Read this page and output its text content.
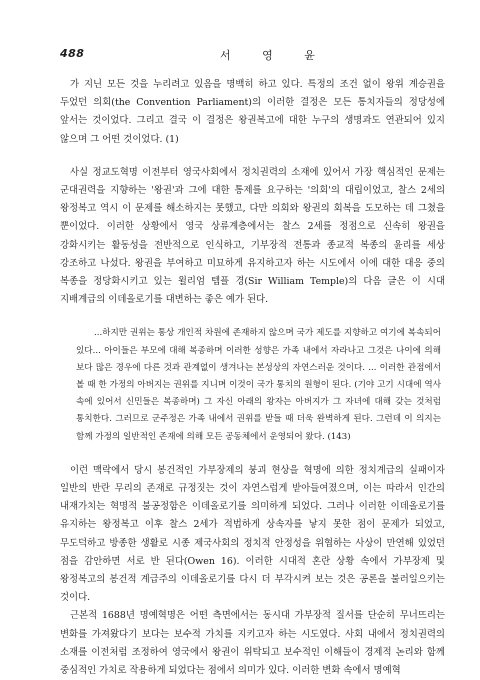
488	서 영 윤

가 지닌 모든 것을 누리려고 있음을 명백히 하고 있다. 특정의 조건 없이 왕위 계승권을 두었던 의회(the Convention Parliament)의 이러한 결정은 모든 통치자들의 정당성에 앞서는 것이었다. 그리고 결국 이 결정은 왕권복고에 대한 누구의 생명과도 연관되어 있지 않으며 그 어떤 것이었다. (1)

사실 정교도혁명 이전부터 영국사회에서 정치권력의 소재에 있어서 가장 핵심적인 문제는 군대권력을 지향하는 '왕권'과 그에 대한 통제를 요구하는 '의회'의 대립이었고, 찰스 2세의 왕정복고 역시 이 문제를 해소하지는 못했고, 다만 의회와 왕권의 회복을 도모하는 데 그쳤을 뿐이었다. 이러한 상황에서 영국 상류계층에서는 찰스 2세를 정점으로 신속히 왕권을 강화시키는 활동성을 전반적으로 인식하고, 기부장적 전통과 종교적 복종의 윤리를 세상 강조하고 나섰다. 왕권을 부여하고 미묘하게 유지하고자 하는 시도에서 이에 대한 대응 중의 복종을 정당화시키고 있는 윌리엄 템플 경(Sir William Temple)의 다음 글은 이 시대 지배계급의 이데올로기를 대변하는 좋은 예가 된다.

...하지만 권위는 통상 개인적 차원에 존재하지 않으며 국가 제도를 지향하고 여기에 복속되어 있다... 아이들은 부모에 대해 복종하며 이러한 성향은 가족 내에서 자라나고 그것은 나이에 의해 보다 많은 경우에 다른 것과 관계없이 생겨나는 본성상의 자연스러운 것이다. ... 이러한 관점에서 볼 때 한 가정의 아버지는 권위를 지니며 이것이 국가 통치의 원형이 된다. (기야 고기 시대에 역사 속에 있어서 신민들은 복종하며) 그 자신 아래의 왕자는 아버지가 그 자녀에 대해 갖는 것처럼 통치한다. 그러므로 군주정은 가족 내에서 권위를 받들 때 더욱 완벽하게 된다. 그런데 이 의지는 함께 가정의 일반적인 존재에 의해 모든 공동체에서 운영되어 왔다. (143)

이런 맥락에서 당시 봉건적인 가부장제의 붕괴 현상을 혁명에 의한 정치계급의 실패이자 일반의 반란 무리의 존재로 규정짓는 것이 자연스럽게 받아들여졌으며, 이는 따라서 인간의 내재가치는 혁명적 불공정함은 이데올로기를 의미하게 되었다. 그러나 이러한 이데올로기를 유지하는 왕정복고 이후 찰스 2세가 적법하게 상속자를 낳지 못한 점이 문제가 되었고, 무도덕하고 방종한 생활로 시종 제국사회의 정치적 안정성을 위협하는 사상이 만연해 있었던 점을 감안하면 서로 반 된다(Owen 16). 이러한 시대적 혼란 상황 속에서 가부장제 및 왕정복고의 봉건적 계급주의 이데올로기를 다시 더 부각시켜 보는 것은 공론을 불러일으키는 것이다.

근본적 1688년 명예혁명은 어떤 측면에서는 동시대 가부장적 질서를 단순히 무너뜨리는 변화를 가져왔다기 보다는 보수적 가치를 지키고자 하는 시도였다. 사회 내에서 정치권력의 소재를 이전처럼 조정하여 영국에서 왕권이 위탁되고 보수적인 이해들이 경제적 논리와 함께 중심적인 가치로 작용하게 되었다는 점에서 의미가 있다. 이러한 변화 속에서 명예혁
